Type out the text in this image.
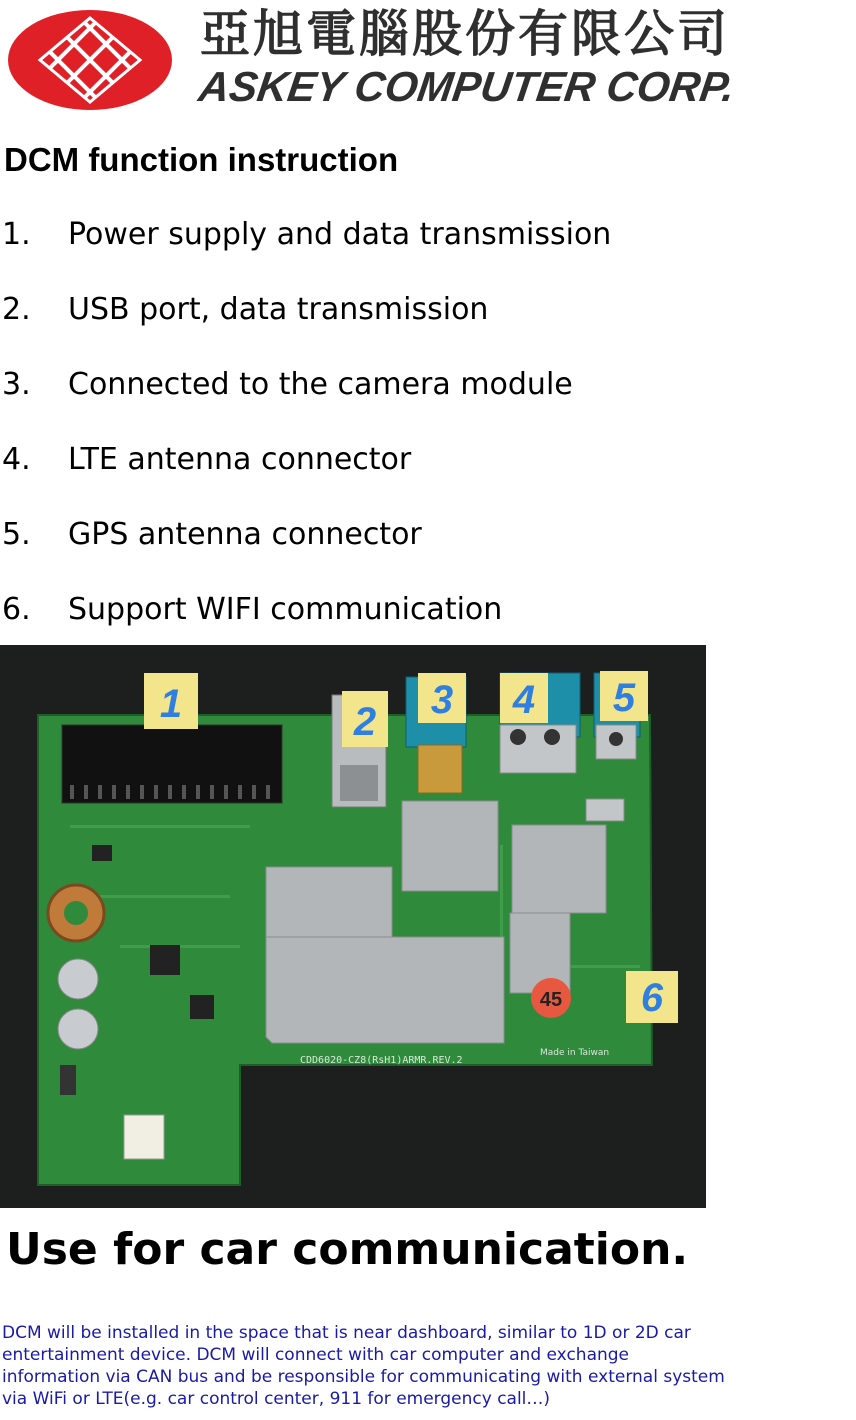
亞旭電腦股份有限公司
ASKEY COMPUTER CORP.
DCM function instruction
1. Power supply and data transmission
2. USB port, data transmission
3. Connected to the camera module
4. LTE antenna connector
5. GPS antenna connector
6. Support WIFI communication
45
CDD6020-CZ8(RsH1)ARMR.REV.2
Made in Taiwan
1	2 3 4 5
6
Use for car communication.

DCM will be installed in the space that is near dashboard, similar to 1D or 2D car
entertainment device. DCM will connect with car computer and exchange
information via CAN bus and be responsible for communicating with external system
via WiFi or LTE(e.g. car control center, 911 for emergency call…)
